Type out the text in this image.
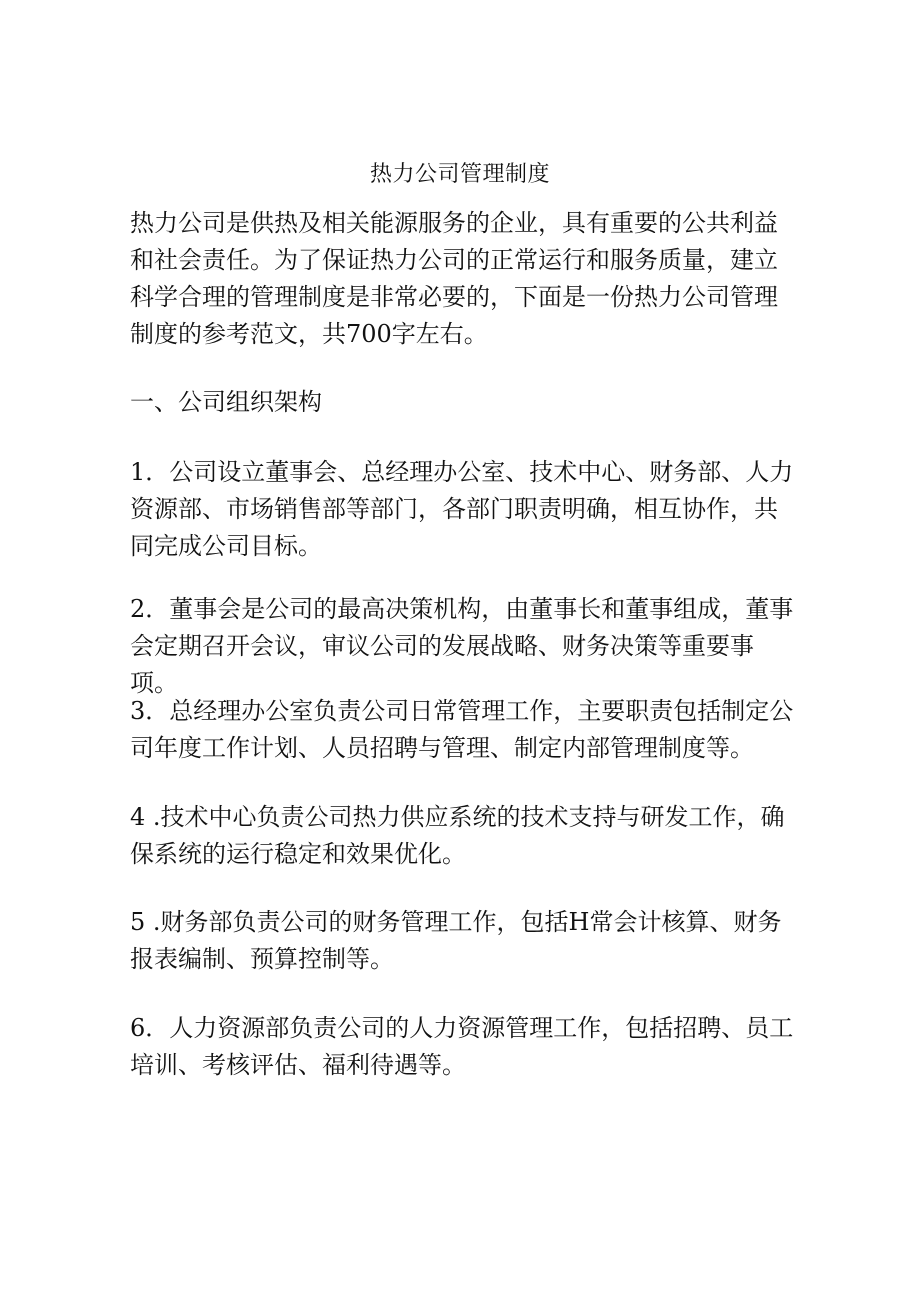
热力公司管理制度

热力公司是供热及相关能源服务的企业，具有重要的公共利益和社会责任。为了保证热力公司的正常运行和服务质量，建立科学合理的管理制度是非常必要的，下面是一份热力公司管理制度的参考范文，共700字左右。

一、公司组织架构

1．公司设立董事会、总经理办公室、技术中心、财务部、人力资源部、市场销售部等部门，各部门职责明确，相互协作，共同完成公司目标。

2．董事会是公司的最高决策机构，由董事长和董事组成，董事会定期召开会议，审议公司的发展战略、财务决策等重要事项。

3．总经理办公室负责公司日常管理工作，主要职责包括制定公司年度工作计划、人员招聘与管理、制定内部管理制度等。

4 .技术中心负责公司热力供应系统的技术支持与研发工作，确保系统的运行稳定和效果优化。

5 .财务部负责公司的财务管理工作，包括H常会计核算、财务报表编制、预算控制等。

6．人力资源部负责公司的人力资源管理工作，包括招聘、员工培训、考核评估、福利待遇等。
